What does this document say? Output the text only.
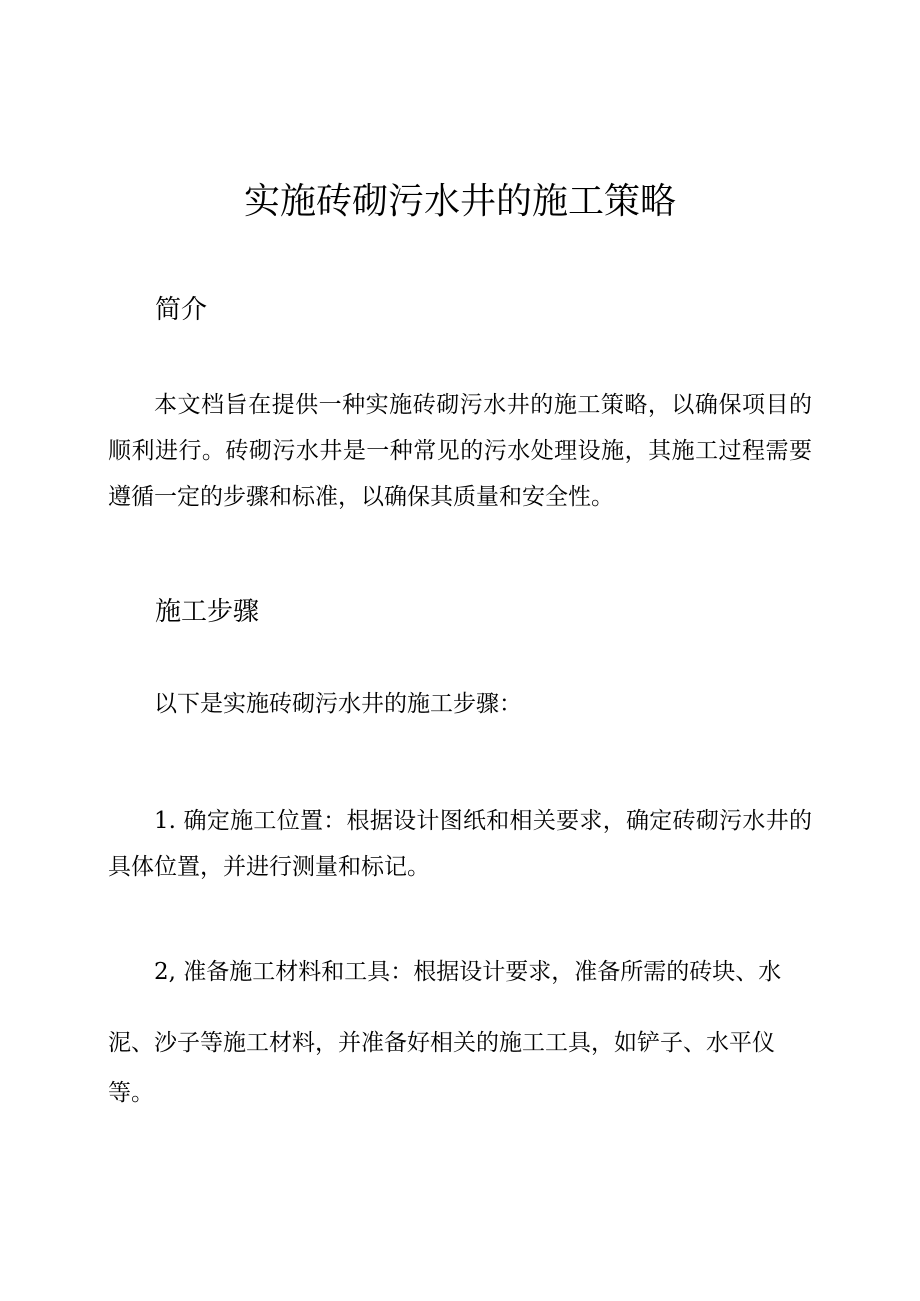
实施砖砌污水井的施工策略
简介

本文档旨在提供一种实施砖砌污水井的施工策略，以确保项目的顺利进行。砖砌污水井是一种常见的污水处理设施，其施工过程需要遵循一定的步骤和标准，以确保其质量和安全性。

施工步骤

以下是实施砖砌污水井的施工步骤：

1. 确定施工位置：根据设计图纸和相关要求，确定砖砌污水井的具体位置，并进行测量和标记。

2, 准备施工材料和工具：根据设计要求，准备所需的砖块、水

泥、沙子等施工材料，并准备好相关的施工工具，如铲子、水平仪

等。
